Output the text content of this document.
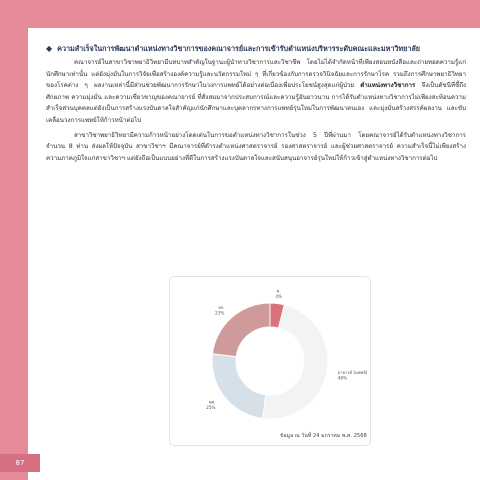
◆ ความสำเร็จในการพัฒนาตำแหน่งทางวิชาการของคณาจารย์และการเข้ารับตำแหน่งบริหารระดับคณะและมหาวิทยาลัย

คณาจารย์ในสาขาวิชาพยาธิวิทยามีบทบาทสำคัญในฐานะผู้นำทางวิชาการและวิชาชีพ โดยไม่ได้จำกัดหน้าที่เพียงสอนหนังสือและถ่ายทอดความรู้แก่นักศึกษาเท่านั้น แต่ยังมุ่งมั่นในการวิจัยเพื่อสร้างองค์ความรู้และนวัตกรรมใหม่ ๆ ที่เกี่ยวข้องกับการตรวจวินิจฉัยและการรักษาโรค รวมถึงการศึกษาพยาธิวิทยาของโรคต่าง ๆ ผลงานเหล่านี้มีส่วนช่วยพัฒนาการรักษาในวงการแพทย์ได้อย่างต่อเนื่องเพื่อประโยชน์สูงสุดแก่ผู้ป่วย ตำแหน่งทางวิชาการ จึงเป็นดัชนีที่ชี้ถึงศักยภาพ ความมุ่งมั่น และความเชี่ยวชาญของคณาจารย์ ที่สั่งสมมาจากประสบการณ์และความรู้อันยาวนาน การได้รับตำแหน่งทางวิชาการไม่เพียงสะท้อนความสำเร็จส่วนบุคคลแต่ยังเป็นการสร้างแรงบันดาลใจสำคัญแก่นักศึกษาและบุคลากรทางการแพทย์รุ่นใหม่ในการพัฒนาตนเอง และมุ่งมั่นสร้างสรรค์ผลงาน และขับเคลื่อนวงการแพทย์ให้ก้าวหน้าต่อไป

สาขาวิชาพยาธิวิทยามีความก้าวหน้าอย่างโดดเด่นในการขอตำแหน่งทางวิชาการในช่วง 5 ปีที่ผ่านมา โดยคณาจารย์ได้รับตำแหน่งทางวิชาการ จำนวน 8 ท่าน ส่งผลให้ปัจจุบัน สาขาวิชาฯ มีคณาจารย์ที่ดำรงตำแหน่งศาสตราจารย์ รองศาสตราจารย์ และผู้ช่วยศาสตราจารย์ ความสำเร็จนี้ไม่เพียงสร้างความภาคภูมิใจแก่สาขาวิชาฯ แต่ยังถือเป็นแบบอย่างที่ดีในการสร้างแรงบันดาลใจและสนับสนุนอาจารย์รุ่นใหม่ให้ก้าวเข้าสู่ตำแหน่งทางวิชาการต่อไป

ศ.
4%
อาจารย์ (แพทย์)
48%
ผศ.
25%
รศ.
23%
ข้อมูล ณ วันที่ 24 มกราคม พ.ศ. 2568
87
